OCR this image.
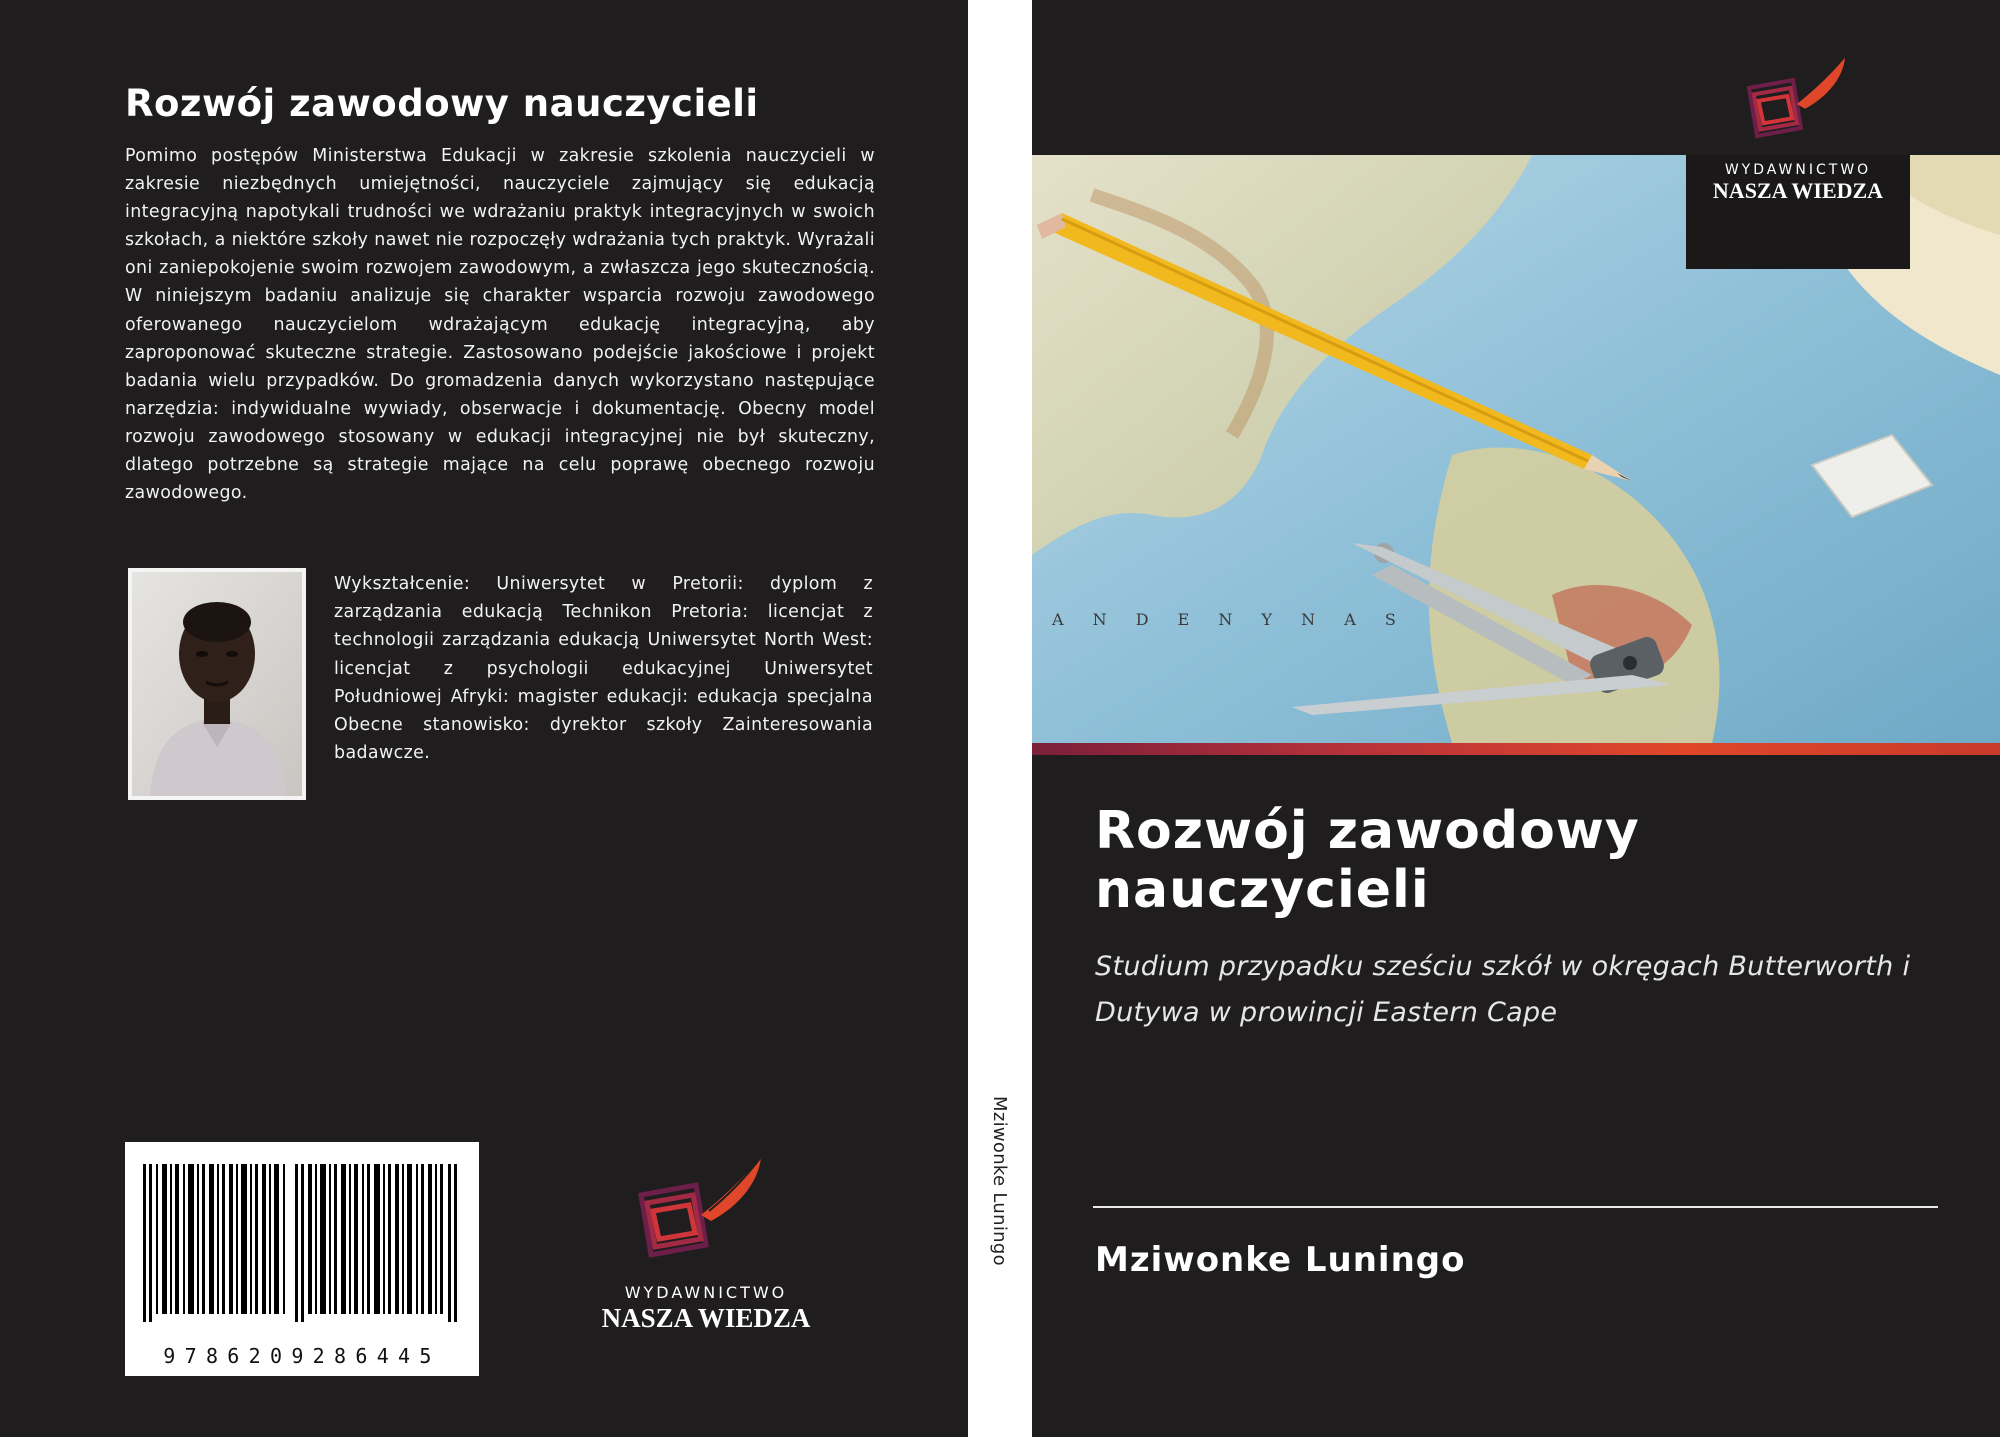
Rozwój zawodowy nauczycieli
Pomimo postępów Ministerstwa Edukacji w zakresie szkolenia nauczycieli w zakresie niezbędnych umiejętności, nauczyciele zajmujący się edukacją integracyjną napotykali trudności we wdrażaniu praktyk integracyjnych w swoich szkołach, a niektóre szkoły nawet nie rozpoczęły wdrażania tych praktyk. Wyrażali oni zaniepokojenie swoim rozwojem zawodowym, a zwłaszcza jego skutecznością. W niniejszym badaniu analizuje się charakter wsparcia rozwoju zawodowego oferowanego nauczycielom wdrażającym edukację integracyjną, aby zaproponować skuteczne strategie. Zastosowano podejście jakościowe i projekt badania wielu przypadków. Do gromadzenia danych wykorzystano następujące narzędzia: indywidualne wywiady, obserwacje i dokumentację. Obecny model rozwoju zawodowego stosowany w edukacji integracyjnej nie był skuteczny, dlatego potrzebne są strategie mające na celu poprawę obecnego rozwoju zawodowego.
Wykształcenie: Uniwersytet w Pretorii: dyplom z zarządzania edukacją Technikon Pretoria: licencjat z technologii zarządzania edukacją Uniwersytet North West: licencjat z psychologii edukacyjnej Uniwersytet Południowej Afryki: magister edukacji: edukacja specjalna Obecne stanowisko: dyrektor szkoły Zainteresowania badawcze.
9786209286445
WYDAWNICTWO
NASZA WIEDZA
Mziwonke Luningo
A N D E N Y N A S
WYDAWNICTWO
NASZA WIEDZA
Rozwój zawodowy nauczycieli
Studium przypadku sześciu szkół w okręgach Butterworth i Dutywa w prowincji Eastern Cape
Mziwonke Luningo
